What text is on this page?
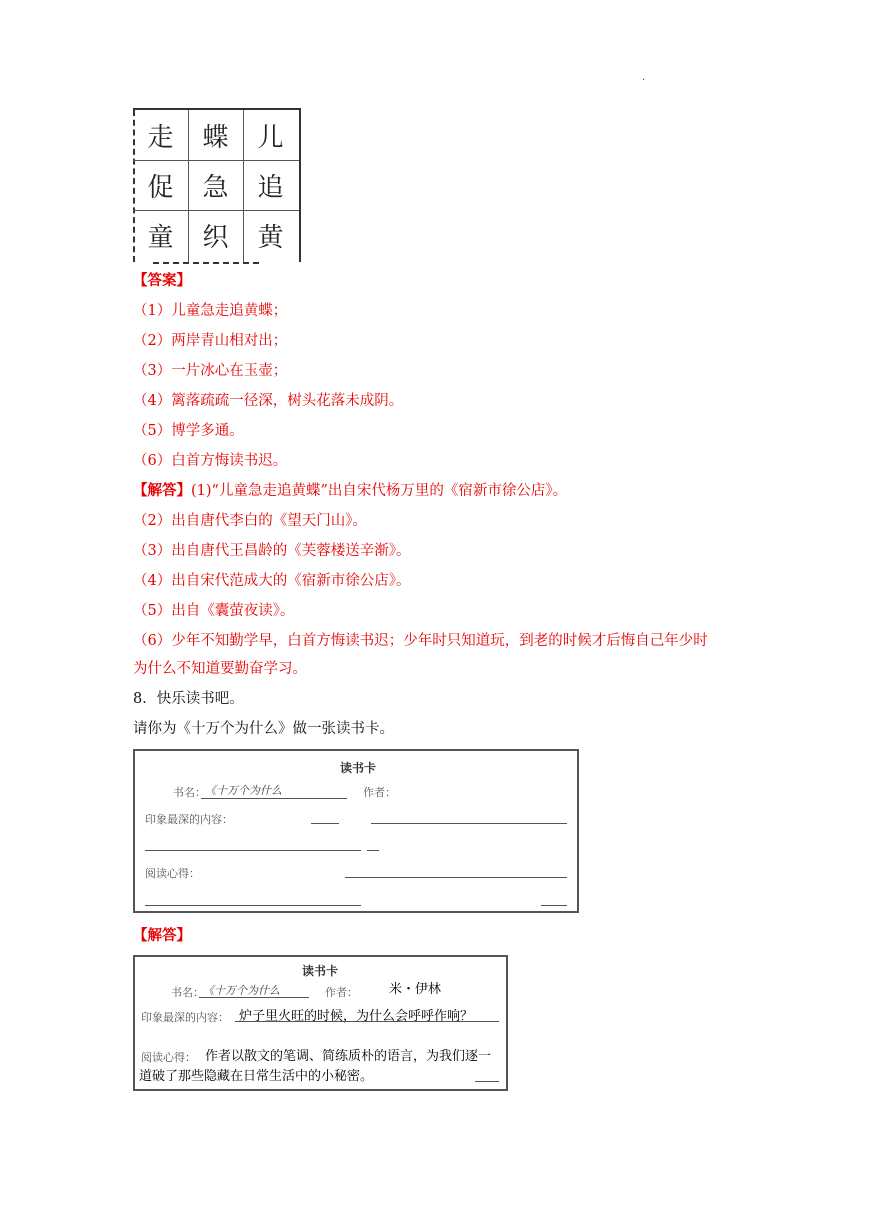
.
走	蝶	儿
促	急	追
童	织	黄
【答案】
（1）儿童急走追黄蝶；
（2）两岸青山相对出；
（3）一片冰心在玉壶；
（4）篱落疏疏一径深，树头花落未成阴。
（5）博学多通。
（6）白首方悔读书迟。
【解答】(1)“儿童急走追黄蝶”出自宋代杨万里的《宿新市徐公店》。
（2）出自唐代李白的《望天门山》。
（3）出自唐代王昌龄的《芙蓉楼送辛渐》。
（4）出自宋代范成大的《宿新市徐公店》。
（5）出自《囊萤夜读》。
（6）少年不知勤学早，白首方悔读书迟；少年时只知道玩，到老的时候才后悔自己年少时
为什么不知道要勤奋学习。
8．快乐读书吧。
请你为《十万个为什么》做一张读书卡。
读书卡
书名： 《十万个为什么	作者：
印象最深的内容：
阅读心得：
【解答】
读书卡
书名： 《十万个为什么	作者： 米・伊林
印象最深的内容： 炉子里火旺的时候，为什么会呼呼作响？
阅读心得： 作者以散文的笔调、简练质朴的语言，为我们逐一
道破了那些隐藏在日常生活中的小秘密。
